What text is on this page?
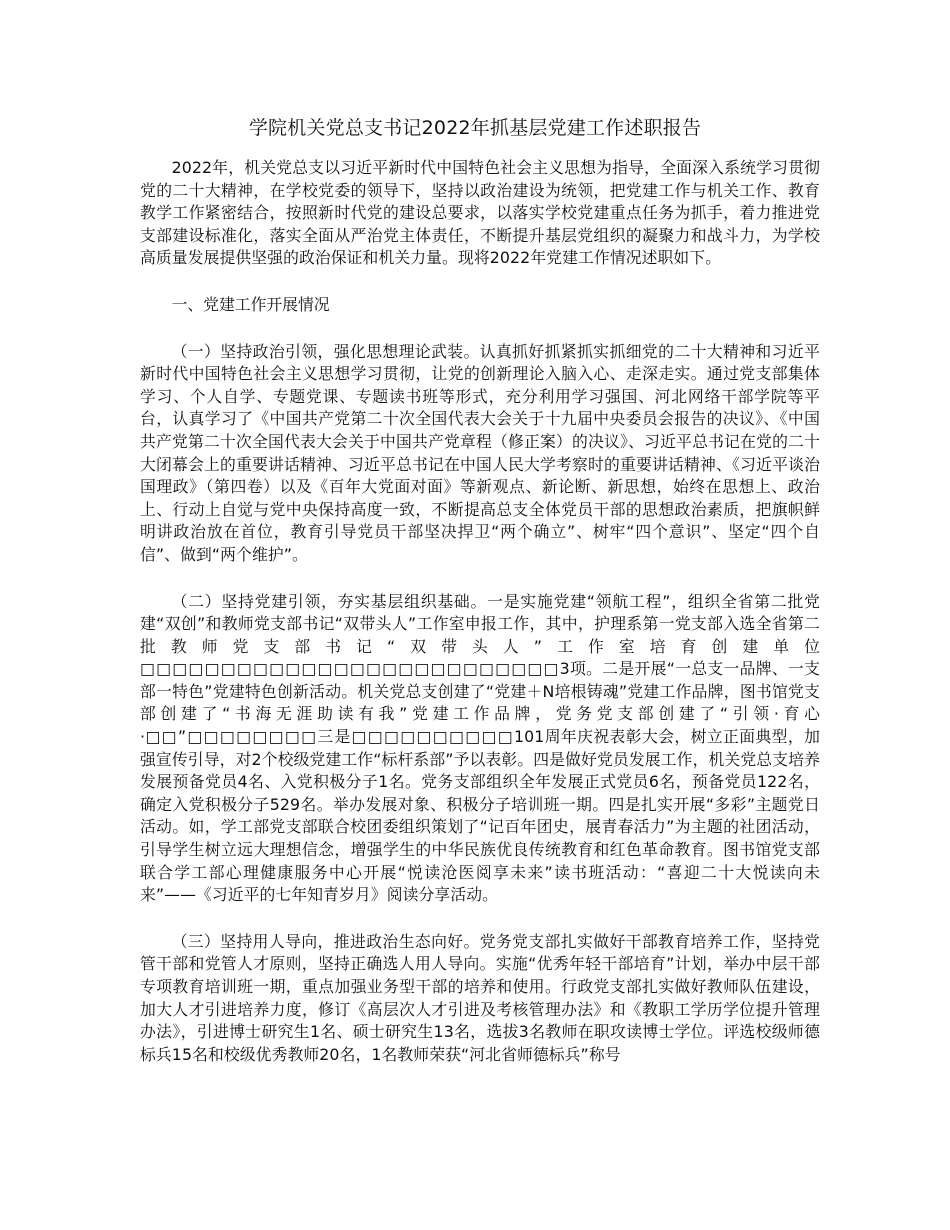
学院机关党总支书记2022年抓基层党建工作述职报告

2022年，机关党总支以习近平新时代中国特色社会主义思想为指导，全面深入系统学习贯彻党的二十大精神，在学校党委的领导下，坚持以政治建设为统领，把党建工作与机关工作、教育教学工作紧密结合，按照新时代党的建设总要求，以落实学校党建重点任务为抓手，着力推进党支部建设标准化，落实全面从严治党主体责任，不断提升基层党组织的凝聚力和战斗力，为学校高质量发展提供坚强的政治保证和机关力量。现将2022年党建工作情况述职如下。

一、党建工作开展情况

（一）坚持政治引领，强化思想理论武装。认真抓好抓紧抓实抓细党的二十大精神和习近平新时代中国特色社会主义思想学习贯彻，让党的创新理论入脑入心、走深走实。通过党支部集体学习、个人自学、专题党课、专题读书班等形式，充分利用学习强国、河北网络干部学院等平台，认真学习了《中国共产党第二十次全国代表大会关于十九届中央委员会报告的决议》、《中国共产党第二十次全国代表大会关于中国共产党章程（修正案）的决议》、习近平总书记在党的二十大闭幕会上的重要讲话精神、习近平总书记在中国人民大学考察时的重要讲话精神、《习近平谈治国理政》（第四卷）以及《百年大党面对面》等新观点、新论断、新思想，始终在思想上、政治上、行动上自觉与党中央保持高度一致，不断提高总支全体党员干部的思想政治素质，把旗帜鲜明讲政治放在首位，教育引导党员干部坚决捍卫“两个确立”、树牢“四个意识”、坚定“四个自信”、做到“两个维护”。

（二）坚持党建引领，夯实基层组织基础。一是实施党建“领航工程”，组织全省第二批党建“双创”和教师党支部书记“双带头人”工作室申报工作，其中，护理系第一党支部入选全省第二批教师党支部书记“双带头人”工作室培育创建单位□□□□□□□□□□□□□□□□□□□□□□□□□□3项。二是开展“一总支一品牌、一支部一特色”党建特色创新活动。机关党总支创建了“党建＋N培根铸魂”党建工作品牌，图书馆党支部创建了“书海无涯助读有我”党建工作品牌，党务党支部创建了“引领·育心·□□”□□□□□□□□三是□□□□□□□□□□101周年庆祝表彰大会，树立正面典型，加强宣传引导，对2个校级党建工作“标杆系部”予以表彰。四是做好党员发展工作，机关党总支培养发展预备党员4名、入党积极分子1名。党务支部组织全年发展正式党员6名，预备党员122名，确定入党积极分子529名。举办发展对象、积极分子培训班一期。四是扎实开展“多彩”主题党日活动。如，学工部党支部联合校团委组织策划了“记百年团史，展青春活力”为主题的社团活动，引导学生树立远大理想信念，增强学生的中华民族优良传统教育和红色革命教育。图书馆党支部联合学工部心理健康服务中心开展“悦读沧医阅享未来”读书班活动：“喜迎二十大悦读向未来”——《习近平的七年知青岁月》阅读分享活动。

（三）坚持用人导向，推进政治生态向好。党务党支部扎实做好干部教育培养工作，坚持党管干部和党管人才原则，坚持正确选人用人导向。实施“优秀年轻干部培育”计划，举办中层干部专项教育培训班一期，重点加强业务型干部的培养和使用。行政党支部扎实做好教师队伍建设，加大人才引进培养力度，修订《高层次人才引进及考核管理办法》和《教职工学历学位提升管理办法》，引进博士研究生1名、硕士研究生13名，选拔3名教师在职攻读博士学位。评选校级师德标兵15名和校级优秀教师20名，1名教师荣获“河北省师德标兵”称号
